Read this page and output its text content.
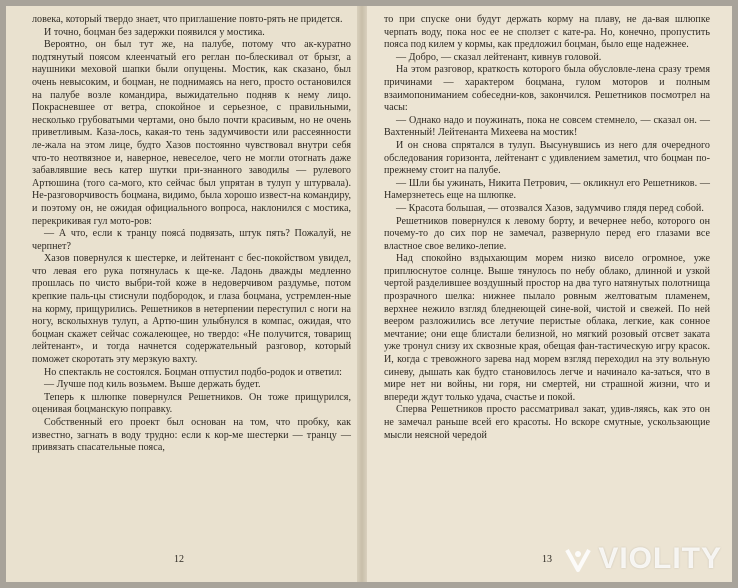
ловека, который твердо знает, что приглашение повто-рять не придется.

И точно, боцман без задержки появился у мостика.

Вероятно, он был тут же, на палубе, потому что ак-куратно подтянутый поясом клеенчатый его реглан по-блескивал от брызг, а наушники меховой шапки были опущены. Мостик, как сказано, был очень невысоким, и боцман, не поднимаясь на него, просто остановился на палубе возле командира, выжидательно подняв к нему лицо. Покрасневшее от ветра, спокойное и серьезное, с правильными, несколько грубоватыми чертами, оно было почти красивым, но не очень приветливым. Каза-лось, какая-то тень задумчивости или рассеянности ле-жала на этом лице, будто Хазов постоянно чувствовал внутри себя что-то неотвязное и, наверное, невеселое, чего не могли отогнать даже забавлявшие весь катер шутки при-знанного заводилы — рулевого Артюшина (того са-мого, кто сейчас был упрятан в тулуп у штурвала). Не-разговорчивость боцмана, видимо, была хорошо извест-на командиру, и поэтому он, не ожидая официального вопроса, наклонился с мостика, перекрикивая гул мото-ров:

— А что, если к транцу поясá подвязать, штук пять? Пожалуй, не черпнет?

Хазов повернулся к шестерке, и лейтенант с бес-покойством увидел, что левая его рука потянулась к ще-ке. Ладонь дважды медленно прошлась по чисто выбри-той коже в недоверчивом раздумье, потом крепкие паль-цы стиснули подбородок, и глаза боцмана, устремлен-ные на корму, прищурились. Решетников в нетерпении переступил с ноги на ногу, всколыхнув тулуп, а Артю-шин улыбнулся в компас, ожидая, что боцман скажет сейчас сожалеющее, но твердо: «Не получится, товарищ лейтенант», и тогда начнется содержательный разговор, который поможет скоротать эту мерзкую вахту.

Но спектакль не состоялся. Боцман отпустил подбо-родок и ответил:

— Лучше под киль возьмем. Выше держать будет.

Теперь к шлюпке повернулся Решетников. Он тоже прищурился, оценивая боцманскую поправку.

Собственный его проект был основан на том, что пробку, как известно, загнать в воду трудно: если к кор-ме шестерки — транцу — привязать спасательные пояса,

12

то при спуске они будут держать корму на плаву, не да-вая шлюпке черпать воду, пока нос ее не сползет с кате-ра. Но, конечно, пропустить пояса под килем у кормы, как предложил боцман, было еще надежнее.

— Добро, — сказал лейтенант, кивнув головой.

На этом разговор, краткость которого была обусловле-лена сразу тремя причинами — характером боцмана, гулом моторов и полным взаимопониманием собеседни-ков, закончился. Решетников посмотрел на часы:

— Однако надо и поужинать, пока не совсем стемнело, — сказал он. — Вахтенный! Лейтенанта Михеева на мостик!

И он снова спрятался в тулуп. Высунувшись из него для очередного обследования горизонта, лейтенант с удивлением заметил, что боцман по-прежнему стоит на палубе.

— Шли бы ужинать, Никита Петрович, — окликнул его Решетников. — Намерзнетесь еще на шлюпке.

— Красота большая, — отозвался Хазов, задумчиво глядя перед собой.

Решетников повернулся к левому борту, и вечернее небо, которого он почему-то до сих пор не замечал, развернуло перед его глазами все властное свое велико-лепие.

Над спокойно вздыхающим морем низко висело огромное, уже приплюснутое солнце. Выше тянулось по небу облако, длинной и узкой чертой разделившее воздушный простор на два туго натянутых полотнища прозрачного шелка: нижнее пылало ровным желтоватым пламенем, верхнее нежило взгляд бледнеющей сине-вой, чистой и свежей. По ней веером разложились все летучие перистые облака, легкие, как сонное мечтание; они еще блистали белизной, но мягкий розовый отсвет заката уже тронул снизу их сквозные края, обещая фан-тастическую игру красок. И, когда с тревожного зарева над морем взгляд переходил на эту вольную синеву, дышать как будто становилось легче и начинало ка-заться, что в мире нет ни войны, ни горя, ни смертей, ни страшной жизни, что и впереди ждут только удача, счастье и покой.

Сперва Решетников просто рассматривал закат, удив-ляясь, как это он не замечал раньше всей его красоты. Но вскоре смутные, ускользающие мысли неясной чередой

13 VIOLITY
